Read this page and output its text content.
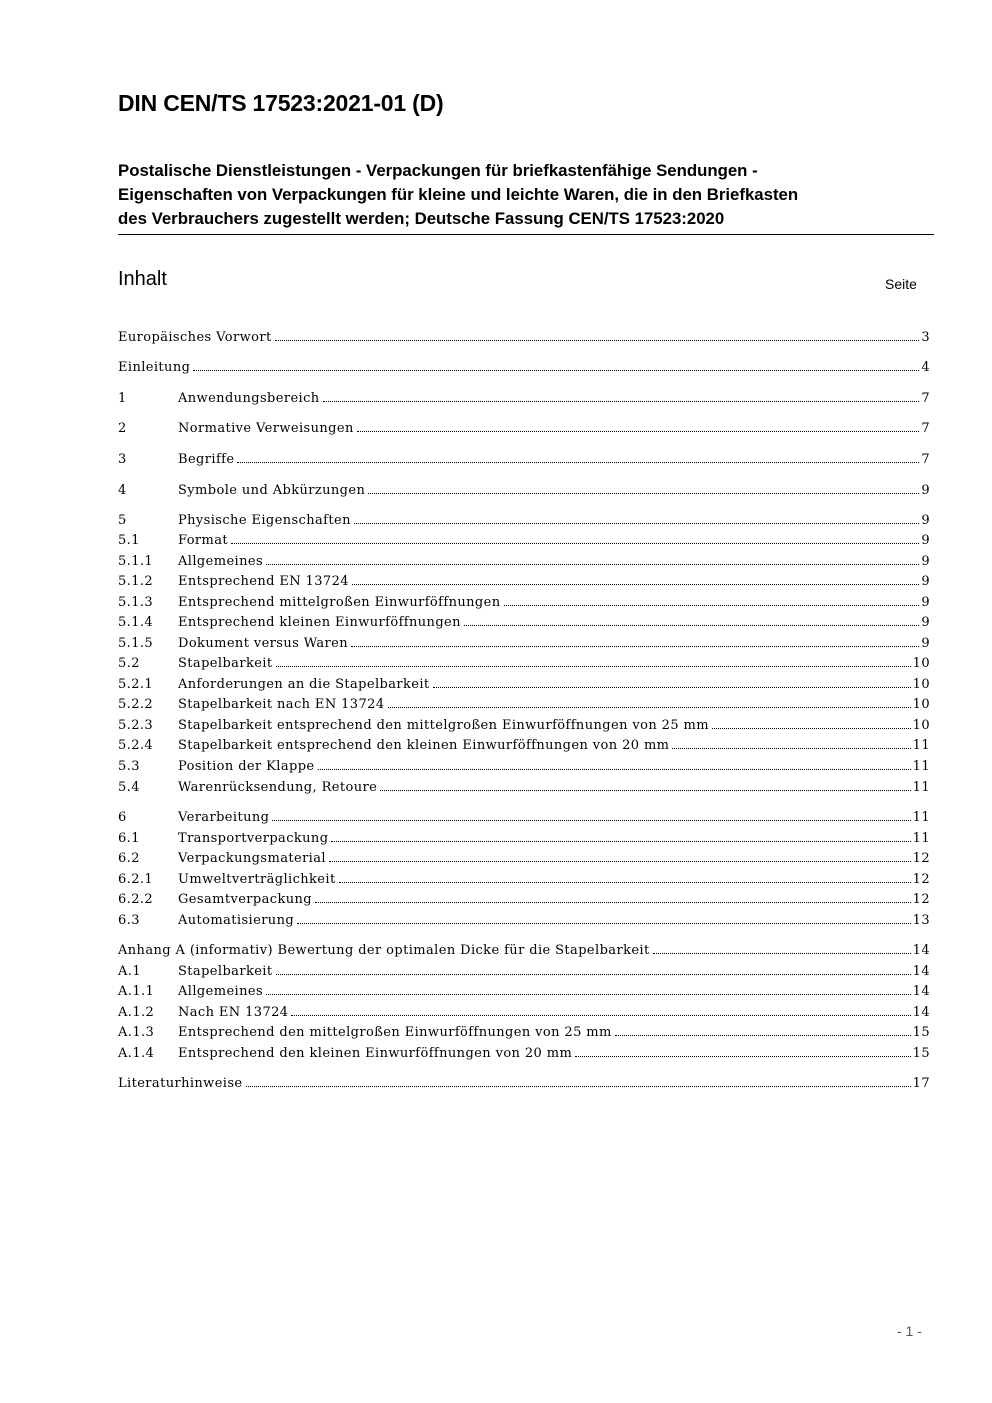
DIN CEN/TS 17523:2021-01 (D)
Postalische Dienstleistungen - Verpackungen für briefkastenfähige Sendungen -
Eigenschaften von Verpackungen für kleine und leichte Waren, die in den Briefkasten
des Verbrauchers zugestellt werden; Deutsche Fassung CEN/TS 17523:2020
Inhalt	Seite
Europäisches Vorwort	3
Einleitung	4
1	Anwendungsbereich	7
2	Normative Verweisungen	7
3	Begriffe	7
4	Symbole und Abkürzungen	9
5	Physische Eigenschaften	9
5.1	Format	9
5.1.1	Allgemeines	9
5.1.2	Entsprechend EN 13724	9
5.1.3	Entsprechend mittelgroßen Einwurföffnungen	9
5.1.4	Entsprechend kleinen Einwurföffnungen	9
5.1.5	Dokument versus Waren	9
5.2	Stapelbarkeit	10
5.2.1	Anforderungen an die Stapelbarkeit	10
5.2.2	Stapelbarkeit nach EN 13724	10
5.2.3	Stapelbarkeit entsprechend den mittelgroßen Einwurföffnungen von 25 mm	10
5.2.4	Stapelbarkeit entsprechend den kleinen Einwurföffnungen von 20 mm	11
5.3	Position der Klappe	11
5.4	Warenrücksendung, Retoure	11
6	Verarbeitung	11
6.1	Transportverpackung	11
6.2	Verpackungsmaterial	12
6.2.1	Umweltverträglichkeit	12
6.2.2	Gesamtverpackung	12
6.3	Automatisierung	13
Anhang A (informativ) Bewertung der optimalen Dicke für die Stapelbarkeit	14
A.1	Stapelbarkeit	14
A.1.1	Allgemeines	14
A.1.2	Nach EN 13724	14
A.1.3	Entsprechend den mittelgroßen Einwurföffnungen von 25 mm	15
A.1.4	Entsprechend den kleinen Einwurföffnungen von 20 mm	15
Literaturhinweise	17
- 1 -
